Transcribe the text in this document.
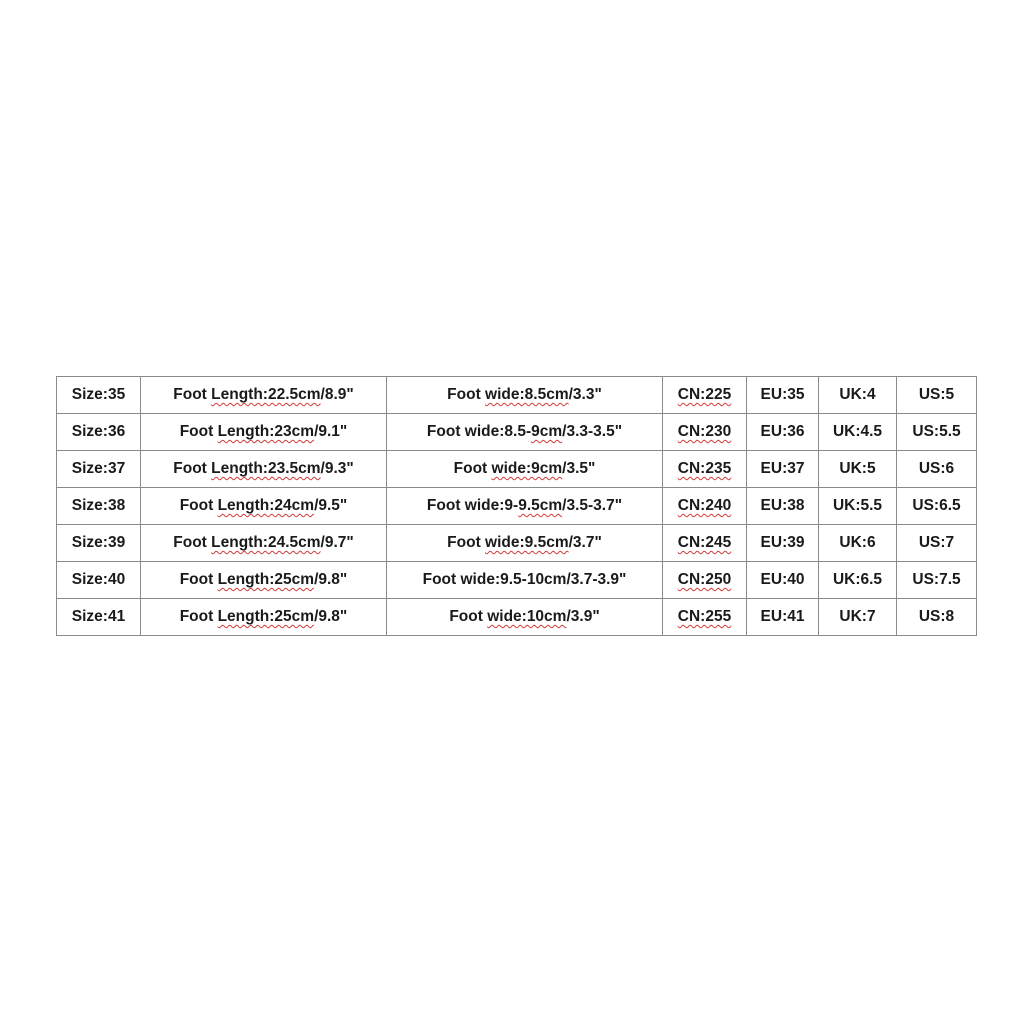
Size:35	Foot Length:22.5cm/8.9"	Foot wide:8.5cm/3.3"	CN:225	EU:35	UK:4	US:5
Size:36	Foot Length:23cm/9.1"	Foot wide:8.5-9cm/3.3-3.5"	CN:230	EU:36	UK:4.5	US:5.5
Size:37	Foot Length:23.5cm/9.3"	Foot wide:9cm/3.5"	CN:235	EU:37	UK:5	US:6
Size:38	Foot Length:24cm/9.5"	Foot wide:9-9.5cm/3.5-3.7"	CN:240	EU:38	UK:5.5	US:6.5
Size:39	Foot Length:24.5cm/9.7"	Foot wide:9.5cm/3.7"	CN:245	EU:39	UK:6	US:7
Size:40	Foot Length:25cm/9.8"	Foot wide:9.5-10cm/3.7-3.9"	CN:250	EU:40	UK:6.5	US:7.5
Size:41	Foot Length:25cm/9.8"	Foot wide:10cm/3.9"	CN:255	EU:41	UK:7	US:8
